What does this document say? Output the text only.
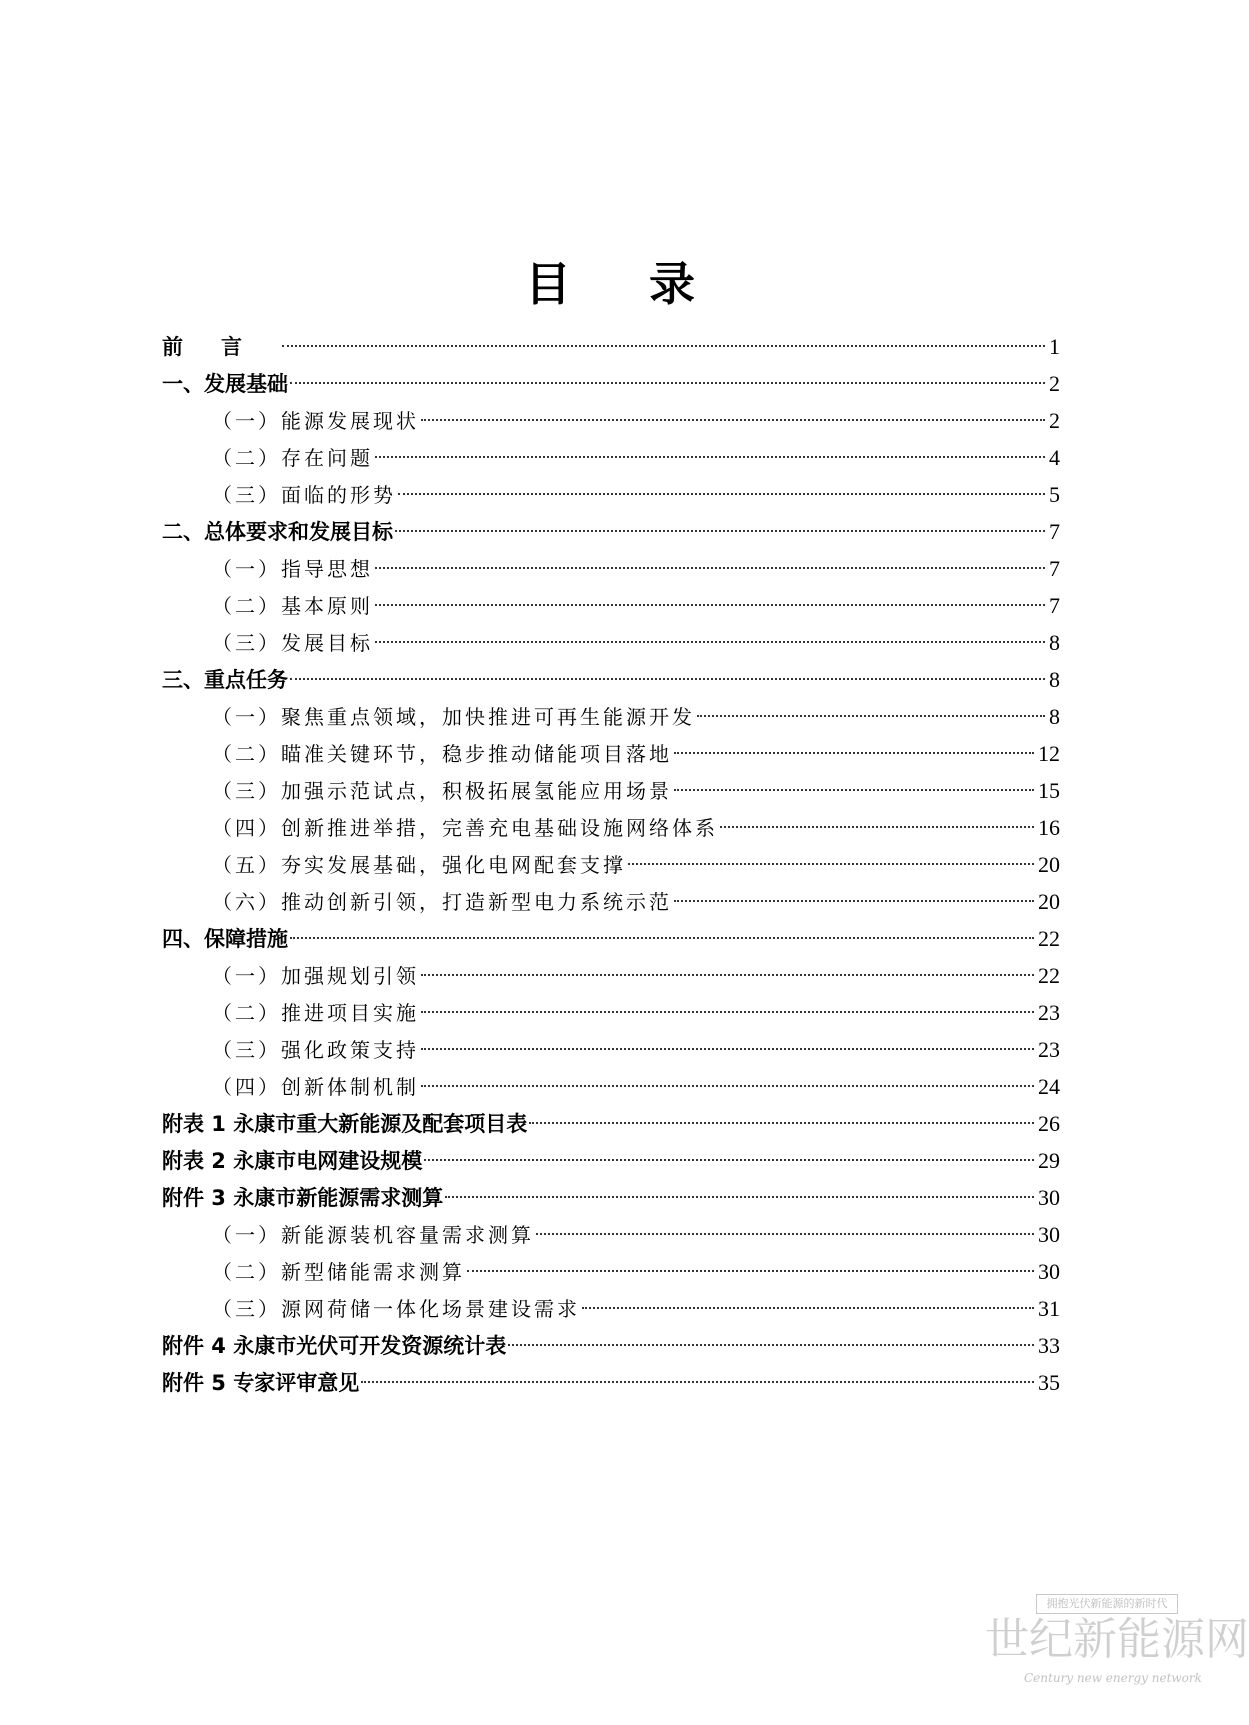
目 录
前言	1
一、发展基础	2
（一）能源发展现状	2
（二）存在问题	4
（三）面临的形势	5
二、总体要求和发展目标	7
（一）指导思想	7
（二）基本原则	7
（三）发展目标	8
三、重点任务	8
（一）聚焦重点领域，加快推进可再生能源开发	8
（二）瞄准关键环节，稳步推动储能项目落地	12
（三）加强示范试点，积极拓展氢能应用场景	15
（四）创新推进举措，完善充电基础设施网络体系	16
（五）夯实发展基础，强化电网配套支撑	20
（六）推动创新引领，打造新型电力系统示范	20
四、保障措施	22
（一）加强规划引领	22
（二）推进项目实施	23
（三）强化政策支持	23
（四）创新体制机制	24
附表 1 永康市重大新能源及配套项目表	26
附表 2 永康市电网建设规模	29
附件 3 永康市新能源需求测算	30
（一）新能源装机容量需求测算	30
（二）新型储能需求测算	30
（三）源网荷储一体化场景建设需求	31
附件 4 永康市光伏可开发资源统计表	33
附件 5 专家评审意见	35
拥抱光伏新能源的新时代
世纪新能源网
Century new energy network
